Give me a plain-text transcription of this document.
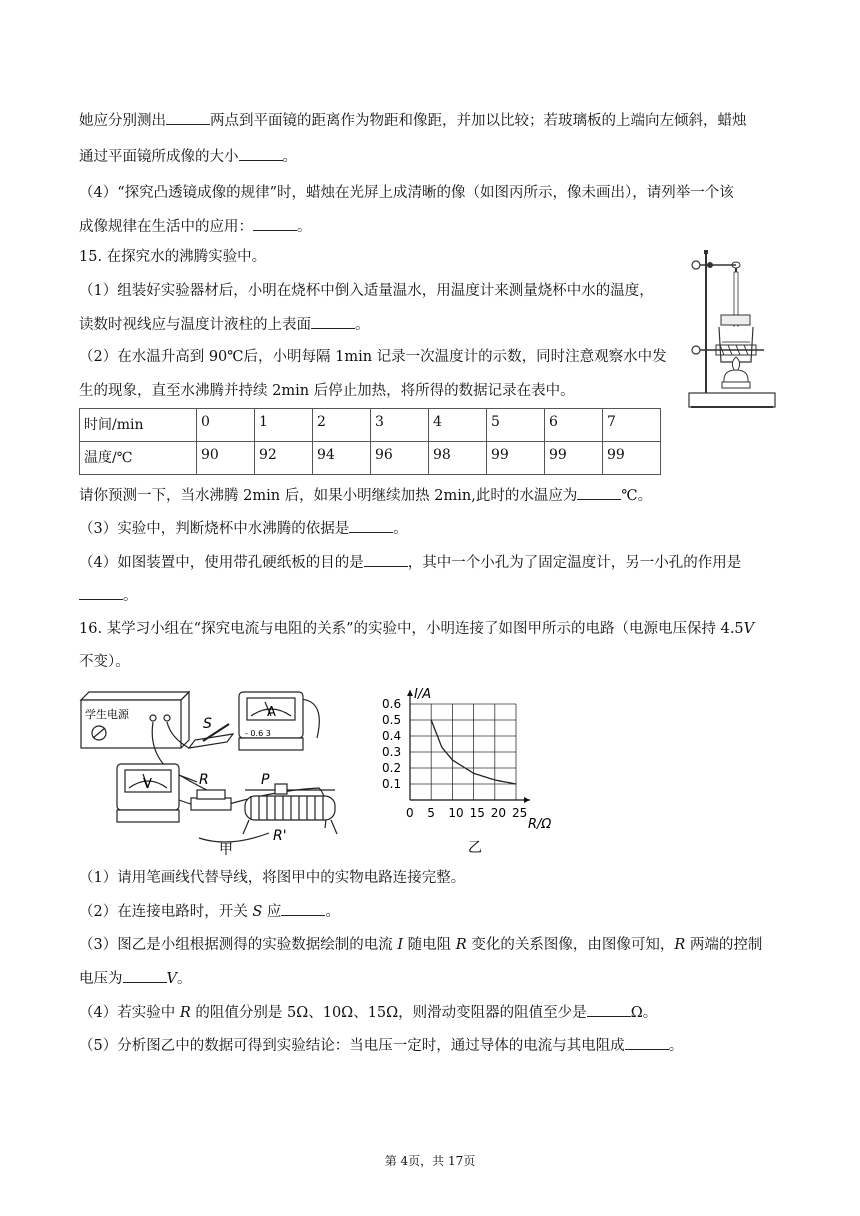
她应分别测出	两点到平面镜的距离作为物距和像距，并加以比较；若玻璃板的上端向左倾斜，蜡烛
通过平面镜所成像的大小	。
（4）“探究凸透镜成像的规律”时，蜡烛在光屏上成清晰的像（如图丙所示，像未画出），请列举一个该
成像规律在生活中的应用：	。
15. 在探究水的沸腾实验中。
（1）组装好实验器材后，小明在烧杯中倒入适量温水，用温度计来测量烧杯中水的温度，
读数时视线应与温度计液柱的上表面	。
（2）在水温升高到 90℃后，小明每隔 1min 记录一次温度计的示数，同时注意观察水中发
生的现象，直至水沸腾并持续 2min 后停止加热，将所得的数据记录在表中。
时间/min	0	1	2	3	4	5	6	7
温度/℃	90	92	94	96	98	99	99	99
请你预测一下，当水沸腾 2min 后，如果小明继续加热 2min,此时的水温应为	℃。
（3）实验中，判断烧杯中水沸腾的依据是	。
（4）如图装置中，使用带孔硬纸板的目的是	，其中一个小孔为了固定温度计，另一小孔的作用是
。
16. 某学习小组在“探究电流与电阻的关系”的实验中，小明连接了如图甲所示的电路（电源电压保持 4.5V
不变）。
学生电源
S
A
- 0.6 3
V	R	P
R'
甲
0.1
0.2
0.3
0.4
0.5
0.6
0 5 10 15 20 25
I/A
R/Ω
乙
（1）请用笔画线代替导线，将图甲中的实物电路连接完整。
（2）在连接电路时，开关 S 应	。
（3）图乙是小组根据测得的实验数据绘制的电流 I 随电阻 R 变化的关系图像，由图像可知，R 两端的控制
电压为	V。
（4）若实验中 R 的阻值分别是 5Ω、10Ω、15Ω，则滑动变阻器的阻值至少是	Ω。
（5）分析图乙中的数据可得到实验结论：当电压一定时，通过导体的电流与其电阻成	。
第 4页，共 17页
